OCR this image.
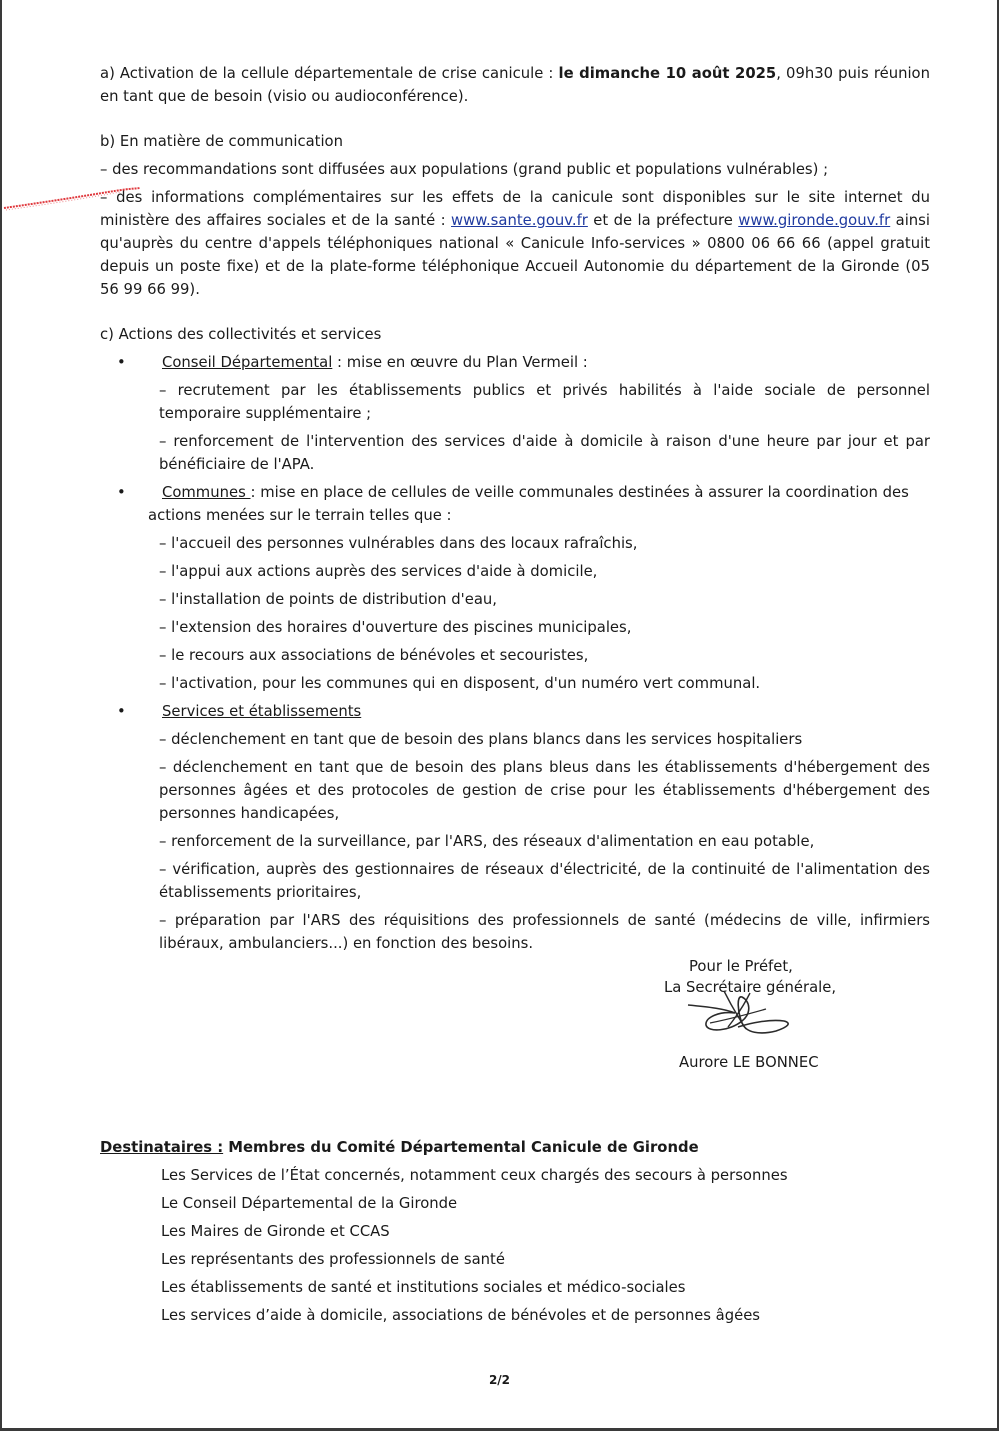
a) Activation de la cellule départementale de crise canicule : le dimanche 10 août 2025, 09h30 puis réunion en tant que de besoin (visio ou audioconférence).

b) En matière de communication

– des recommandations sont diffusées aux populations (grand public et populations vulnérables) ;

– des informations complémentaires sur les effets de la canicule sont disponibles sur le site internet du ministère des affaires sociales et de la santé : www.sante.gouv.fr et de la préfecture www.gironde.gouv.fr ainsi qu'auprès du centre d'appels téléphoniques national « Canicule Info-services » 0800 06 66 66 (appel gratuit depuis un poste fixe) et de la plate-forme téléphonique Accueil Autonomie du département de la Gironde (05 56 99 66 99).

c) Actions des collectivités et services

• Conseil Départemental : mise en œuvre du Plan Vermeil :

– recrutement par les établissements publics et privés habilités à l'aide sociale de personnel temporaire supplémentaire ;

– renforcement de l'intervention des services d'aide à domicile à raison d'une heure par jour et par bénéficiaire de l'APA.

• Communes : mise en place de cellules de veille communales destinées à assurer la coordination des

actions menées sur le terrain telles que :

– l'accueil des personnes vulnérables dans des locaux rafraîchis,

– l'appui aux actions auprès des services d'aide à domicile,

– l'installation de points de distribution d'eau,

– l'extension des horaires d'ouverture des piscines municipales,

– le recours aux associations de bénévoles et secouristes,

– l'activation, pour les communes qui en disposent, d'un numéro vert communal.

• Services et établissements

– déclenchement en tant que de besoin des plans blancs dans les services hospitaliers

– déclenchement en tant que de besoin des plans bleus dans les établissements d'hébergement des personnes âgées et des protocoles de gestion de crise pour les établissements d'hébergement des personnes handicapées,

– renforcement de la surveillance, par l'ARS, des réseaux d'alimentation en eau potable,

– vérification, auprès des gestionnaires de réseaux d'électricité, de la continuité de l'alimentation des établissements prioritaires,

– préparation par l'ARS des réquisitions des professionnels de santé (médecins de ville, infirmiers libéraux, ambulanciers...) en fonction des besoins.

Pour le Préfet,
La Secrétaire générale,
Aurore LE BONNEC
Destinataires : Membres du Comité Départemental Canicule de Gironde
Les Services de l’État concernés, notamment ceux chargés des secours à personnes
Le Conseil Départemental de la Gironde
Les Maires de Gironde et CCAS
Les représentants des professionnels de santé
Les établissements de santé et institutions sociales et médico-sociales
Les services d’aide à domicile, associations de bénévoles et de personnes âgées
2/2
